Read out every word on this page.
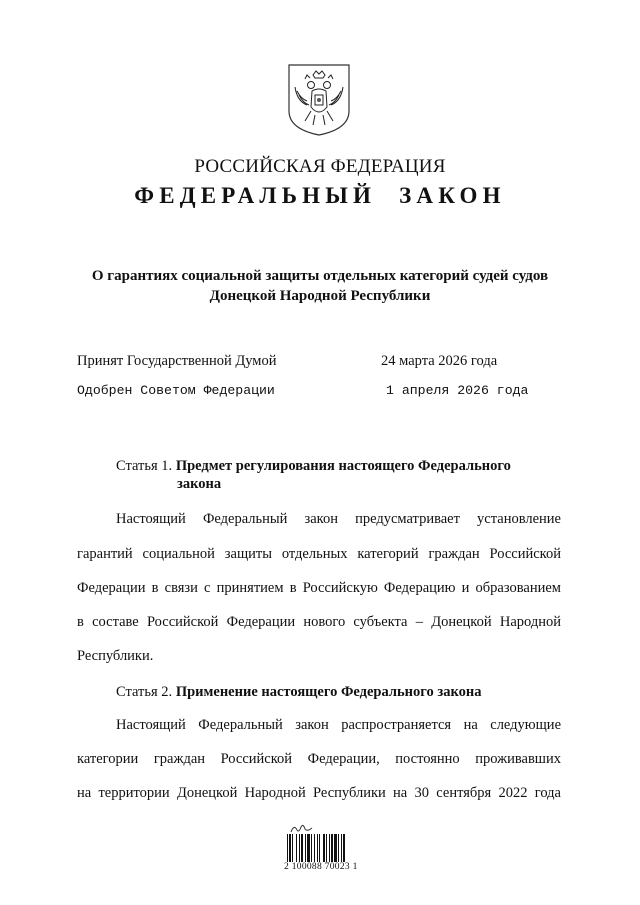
РОССИЙСКАЯ ФЕДЕРАЦИЯ
ФЕДЕРАЛЬНЫЙ ЗАКОН
О гарантиях социальной защиты отдельных категорий судей судов
Донецкой Народной Республики
Принят Государственной Думой	24 марта 2026 года
Одобрен Советом Федерации	1 апреля 2026 года
Статья 1. Предмет регулирования настоящего Федерального
закона
Настоящий Федеральный закон предусматривает установление
гарантий социальной защиты отдельных категорий граждан Российской
Федерации в связи с принятием в Российскую Федерацию и образованием
в составе Российской Федерации нового субъекта – Донецкой Народной
Республики.
Статья 2. Применение настоящего Федерального закона
Настоящий Федеральный закон распространяется на следующие
категории граждан Российской Федерации, постоянно проживавших
на территории Донецкой Народной Республики на 30 сентября 2022 года
2 100088 70023 1
